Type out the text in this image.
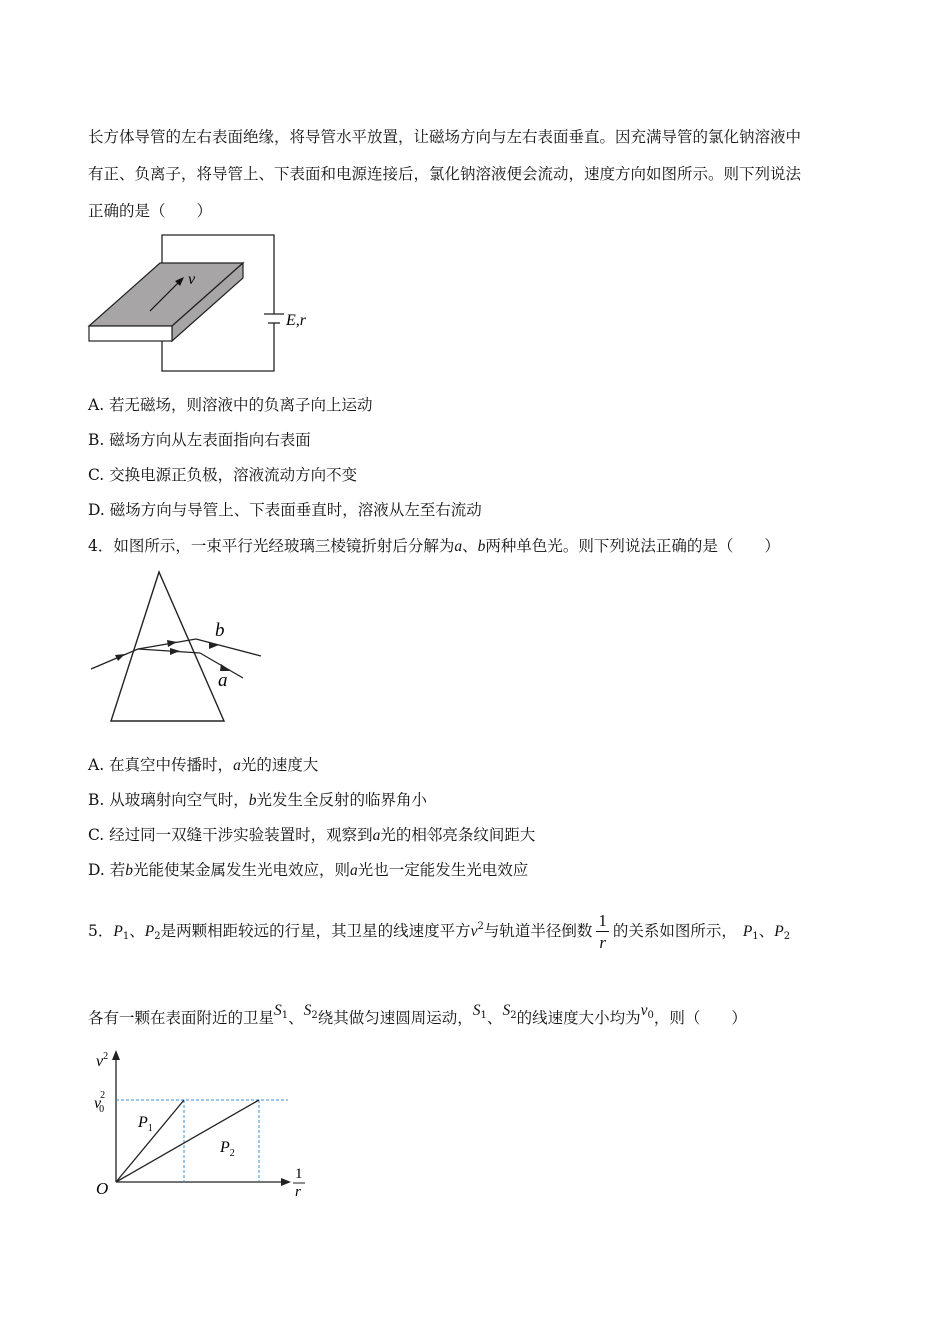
长方体导管的左右表面绝缘，将导管水平放置，让磁场方向与左右表面垂直。因充满导管的氯化钠溶液中
有正、负离子，将导管上、下表面和电源连接后，氯化钠溶液便会流动，速度方向如图所示。则下列说法
正确的是（　　）
E,r
v
A. 若无磁场，则溶液中的负离子向上运动
B. 磁场方向从左表面指向右表面
C. 交换电源正负极，溶液流动方向不变
D. 磁场方向与导管上、下表面垂直时，溶液从左至右流动
4．如图所示，一束平行光经玻璃三棱镜折射后分解为a、b两种单色光。则下列说法正确的是（　　）
b
a
A. 在真空中传播时，a光的速度大
B. 从玻璃射向空气时，b光发生全反射的临界角小
C. 经过同一双缝干涉实验装置时，观察到a光的相邻亮条纹间距大
D. 若b光能使某金属发生光电效应，则a光也一定能发生光电效应
5．$P_1$、$P_2$是两颗相距较远的行星，其卫星的线速度平方$v^2$与轨道半径倒数 $\frac{1}{r}$ 的关系如图所示， $P_1$、$P_2$
各有一颗在表面附近的卫星$S^1$、$S^2$绕其做匀速圆周运动，$S^1$、$S^2$的线速度大小均为$v^0$，则（　　）
$v^2$
v2 0
O
$P_1$
$P_2$
1
r
